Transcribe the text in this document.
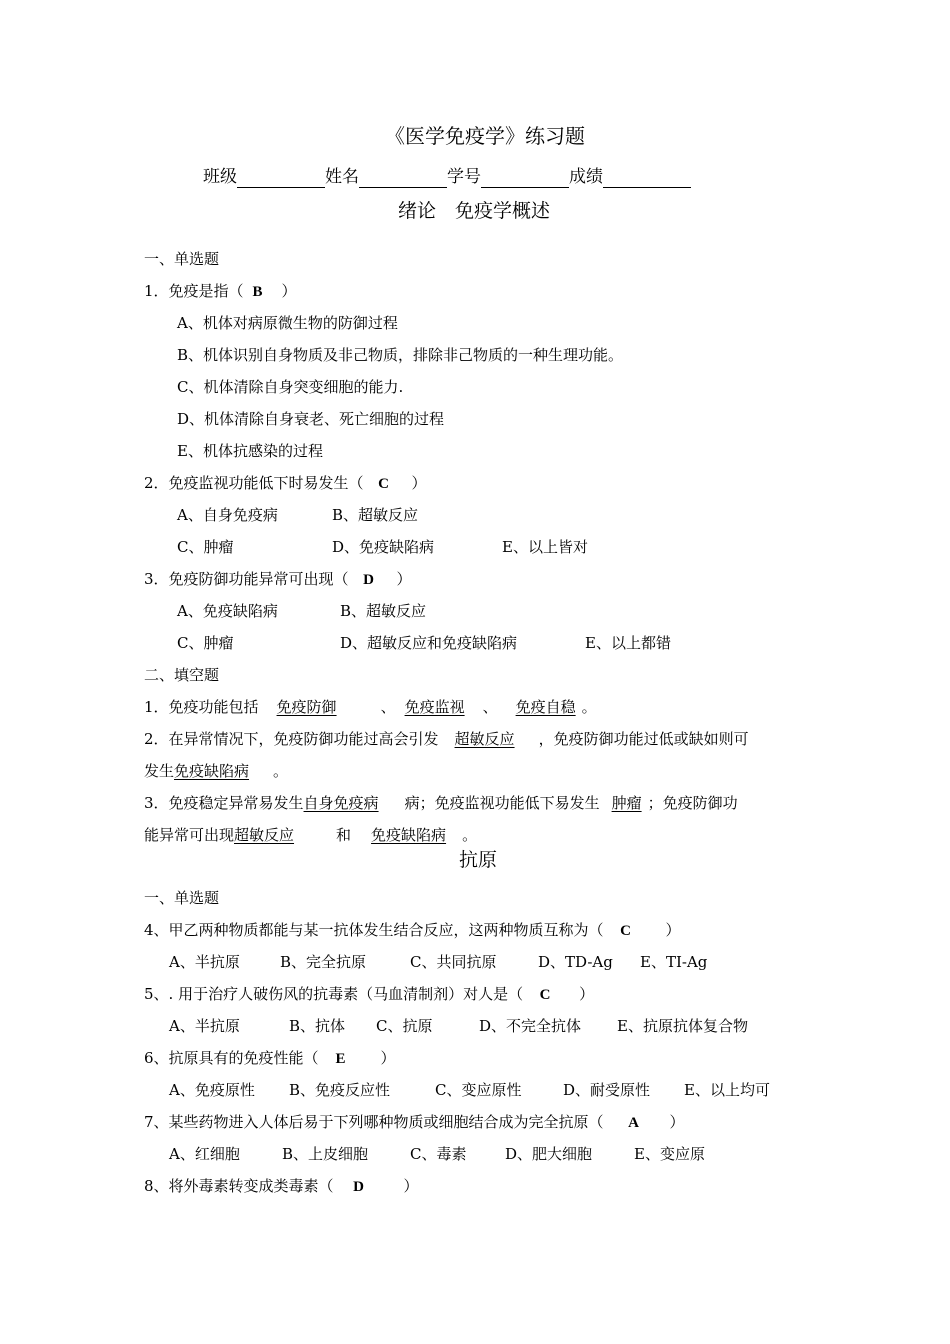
《医学免疫学》练习题
班级	姓名	学号	成绩
绪论　免疫学概述
一、单选题
1．免疫是指（ B ）
A、机体对病原微生物的防御过程
B、机体识别自身物质及非己物质，排除非己物质的一种生理功能。
C、机体清除自身突变细胞的能力.
D、机体清除自身衰老、死亡细胞的过程
E、机体抗感染的过程
2．免疫监视功能低下时易发生（ C ）
A、自身免疫病	B、超敏反应
C、肿瘤	D、免疫缺陷病	E、以上皆对
3．免疫防御功能异常可出现（ D ）
A、免疫缺陷病	B、超敏反应
C、肿瘤	D、超敏反应和免疫缺陷病	E、以上都错
二、填空题
1．免疫功能包括 免疫防御	、 免疫监视 、 免疫自稳 。
2．在异常情况下，免疫防御功能过高会引发 超敏反应 ，免疫防御功能过低或缺如则可
发生免疫缺陷病 。
3．免疫稳定异常易发生自身免疫病 病；免疫监视功能低下易发生 肿瘤 ；免疫防御功
能异常可出现超敏反应	和 免疫缺陷病 。
抗原
一、单选题
4、甲乙两种物质都能与某一抗体发生结合反应，这两种物质互称为（ C ）
A、半抗原	B、完全抗原	C、共同抗原	D、TD-Ag E、TI-Ag
5、. 用于治疗人破伤风的抗毒素（马血清制剂）对人是（ C ）
A、半抗原	B、抗体 C、抗原	D、不完全抗体 E、抗原抗体复合物
6、抗原具有的免疫性能（ E ）
A、免疫原性 B、免疫反应性	C、变应原性	D、耐受原性 E、以上均可
7、某些药物进入人体后易于下列哪种物质或细胞结合成为完全抗原（ A ）
A、红细胞	B、上皮细胞	C、毒素	D、肥大细胞	E、变应原
8、将外毒素转变成类毒素（ D	）
